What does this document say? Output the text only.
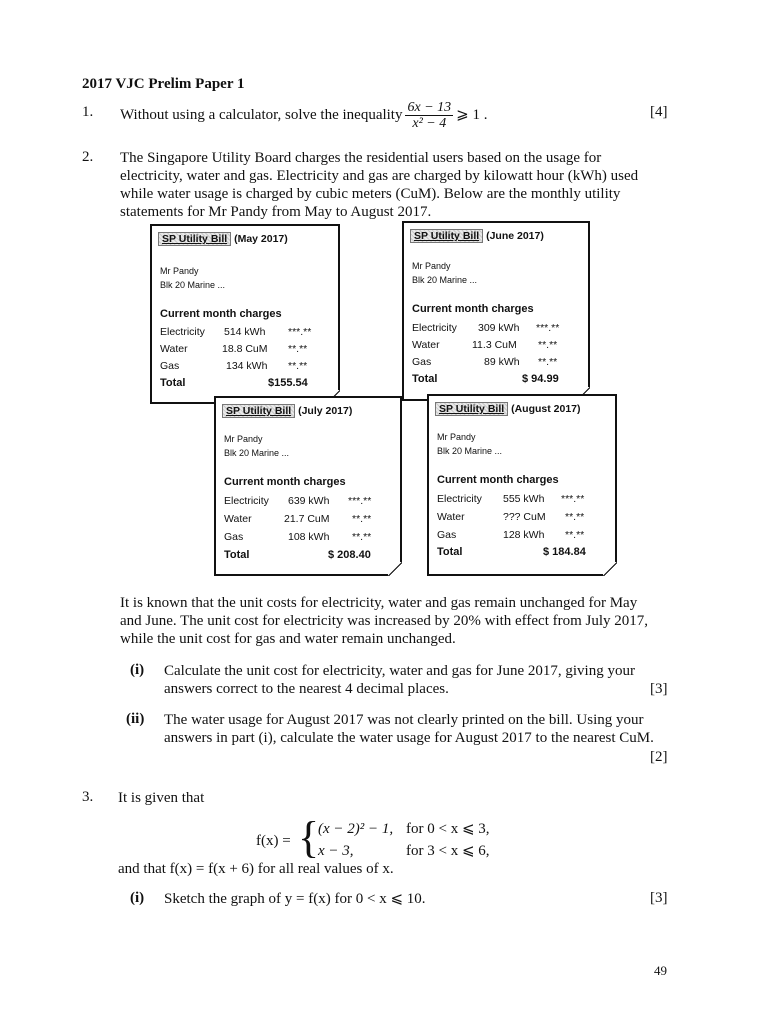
2017 VJC Prelim Paper 1
1. Without using a calculator, solve the inequality $\frac{6x - 13}{\text{x² − 4}}$ ⩾ 1 .	[4]
2. The Singapore Utility Board charges the residential users based on the usage for
electricity, water and gas. Electricity and gas are charged by kilowatt hour (kWh) used
while water usage is charged by cubic meters (CuM). Below are the monthly utility
statements for Mr Pandy from May to August 2017.
SP Utility Bill (May 2017)
Mr Pandy
Blk 20 Marine ...
Current month charges
Electricity 514 kWh ***.**
Water	18.8 CuM **.**
Gas	134 kWh **.**
Total	$155.54
SP Utility Bill (June 2017)
Mr Pandy
Blk 20 Marine ...
Current month charges
Electricity 309 kWh ***.**
Water	11.3 CuM **.**
Gas	89 kWh **.**
Total	$ 94.99
SP Utility Bill (July 2017)
Mr Pandy
Blk 20 Marine ...
Current month charges
Electricity 639 kWh ***.**
Water	21.7 CuM **.**
Gas	108 kWh **.**
Total	$ 208.40
SP Utility Bill (August 2017)
Mr Pandy
Blk 20 Marine ...
Current month charges
Electricity 555 kWh ***.**
Water	??? CuM **.**
Gas	128 kWh **.**
Total	$ 184.84
It is known that the unit costs for electricity, water and gas remain unchanged for May
and June. The unit cost for electricity was increased by 20% with effect from July 2017,
while the unit cost for gas and water remain unchanged.
(i) Calculate the unit cost for electricity, water and gas for June 2017, giving your
answers correct to the nearest 4 decimal places.	[3]
(ii) The water usage for August 2017 was not clearly printed on the bill. Using your
answers in part (i), calculate the water usage for August 2017 to the nearest CuM.
[2]
3. It is given that
f(x) = {
(x − 2)² − 1, for 0 < x ⩽ 3,
x − 3,	for 3 < x ⩽ 6,
and that f(x) = f(x + 6) for all real values of x.
(i) Sketch the graph of y = f(x) for 0 < x ⩽ 10.	[3]
49
